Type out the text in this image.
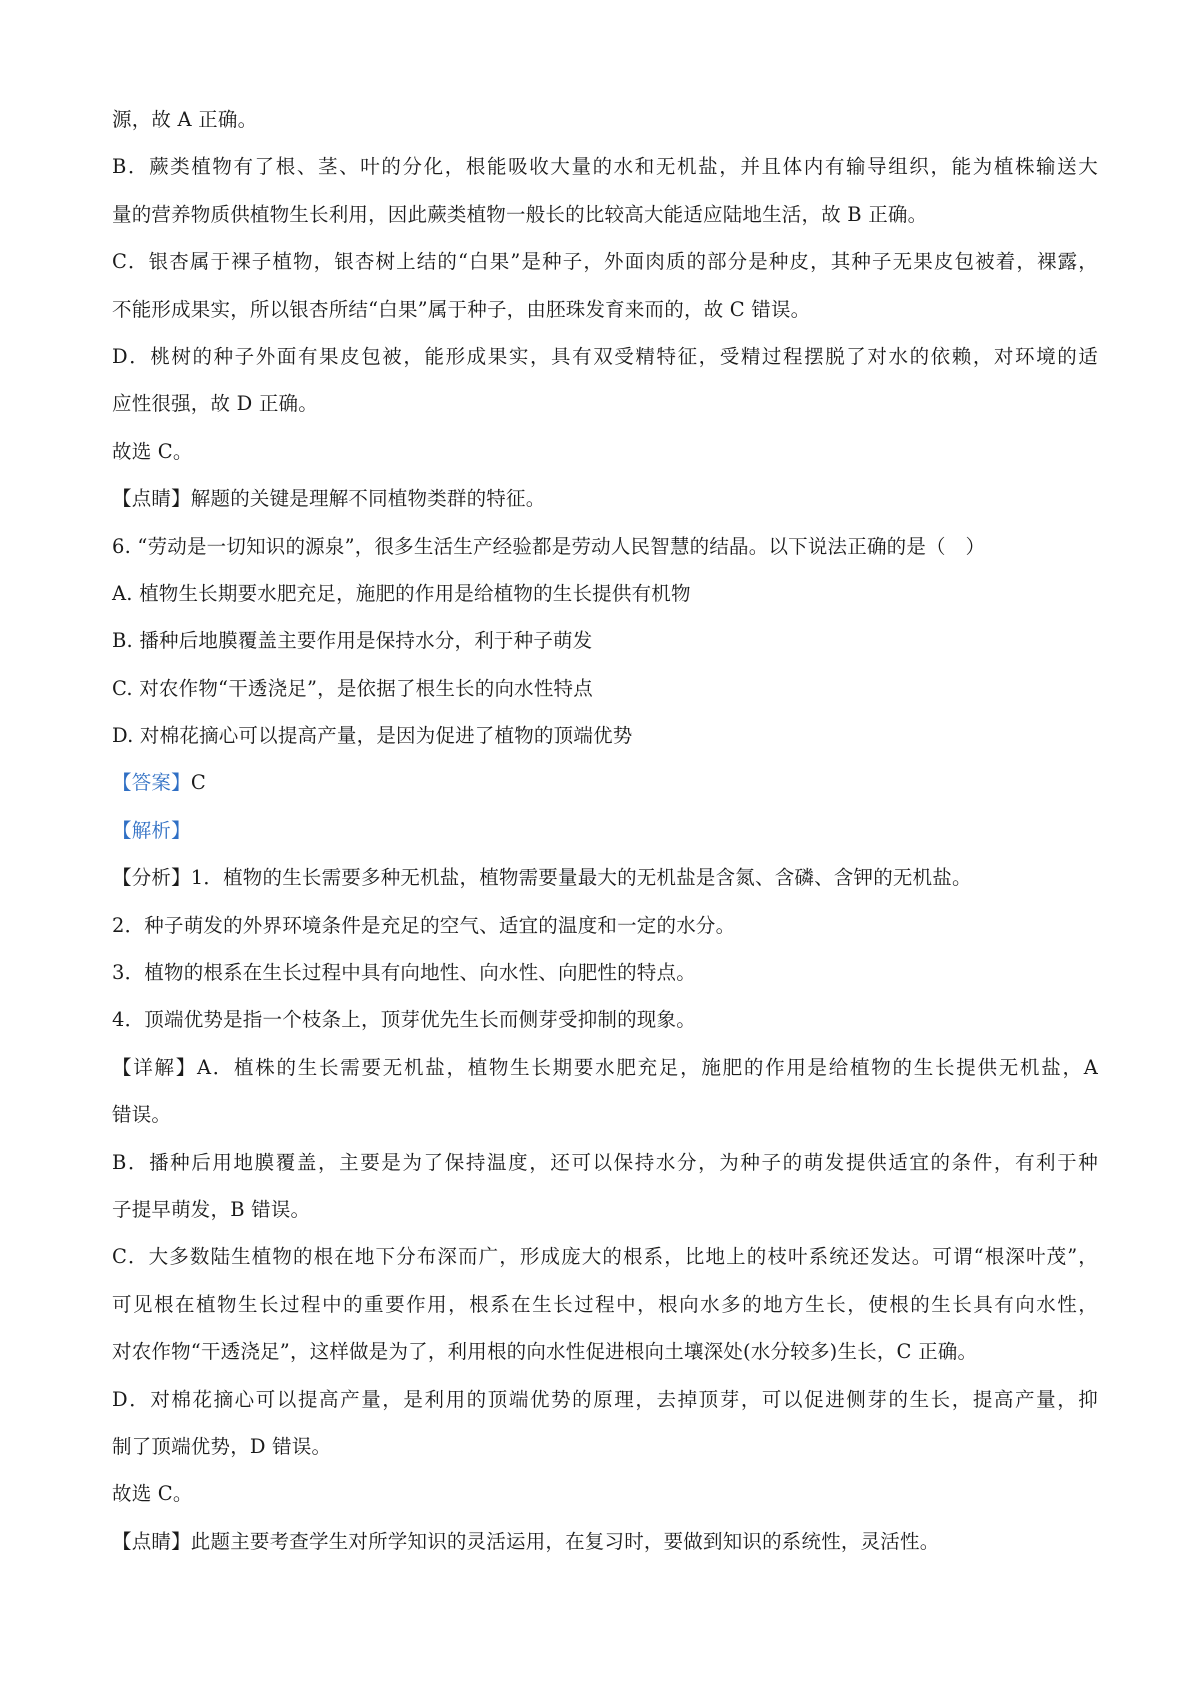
源，故 A 正确。
B．蕨类植物有了根、茎、叶的分化，根能吸收大量的水和无机盐，并且体内有输导组织，能为植株输送大
量的营养物质供植物生长利用，因此蕨类植物一般长的比较高大能适应陆地生活，故 B 正确。
C．银杏属于裸子植物，银杏树上结的“白果”是种子，外面肉质的部分是种皮，其种子无果皮包被着，裸露，
不能形成果实，所以银杏所结“白果”属于种子，由胚珠发育来而的，故 C 错误。
D．桃树的种子外面有果皮包被，能形成果实，具有双受精特征，受精过程摆脱了对水的依赖，对环境的适
应性很强，故 D 正确。
故选 C。
【点睛】解题的关键是理解不同植物类群的特征。
6. “劳动是一切知识的源泉”，很多生活生产经验都是劳动人民智慧的结晶。以下说法正确的是（　）
A. 植物生长期要水肥充足，施肥的作用是给植物的生长提供有机物
B. 播种后地膜覆盖主要作用是保持水分，利于种子萌发
C. 对农作物“干透浇足”，是依据了根生长的向水性特点
D. 对棉花摘心可以提高产量，是因为促进了植物的顶端优势
【答案】C
【解析】
【分析】1．植物的生长需要多种无机盐，植物需要量最大的无机盐是含氮、含磷、含钾的无机盐。
2．种子萌发的外界环境条件是充足的空气、适宜的温度和一定的水分。
3．植物的根系在生长过程中具有向地性、向水性、向肥性的特点。
4．顶端优势是指一个枝条上，顶芽优先生长而侧芽受抑制的现象。
【详解】A．植株的生长需要无机盐，植物生长期要水肥充足，施肥的作用是给植物的生长提供无机盐，A
错误。
B．播种后用地膜覆盖，主要是为了保持温度，还可以保持水分，为种子的萌发提供适宜的条件，有利于种
子提早萌发，B 错误。
C．大多数陆生植物的根在地下分布深而广，形成庞大的根系，比地上的枝叶系统还发达。可谓“根深叶茂”，
可见根在植物生长过程中的重要作用，根系在生长过程中，根向水多的地方生长，使根的生长具有向水性，
对农作物“干透浇足”，这样做是为了，利用根的向水性促进根向土壤深处(水分较多)生长，C 正确。
D．对棉花摘心可以提高产量，是利用的顶端优势的原理，去掉顶芽，可以促进侧芽的生长，提高产量，抑
制了顶端优势，D 错误。
故选 C。
【点睛】此题主要考查学生对所学知识的灵活运用，在复习时，要做到知识的系统性，灵活性。
